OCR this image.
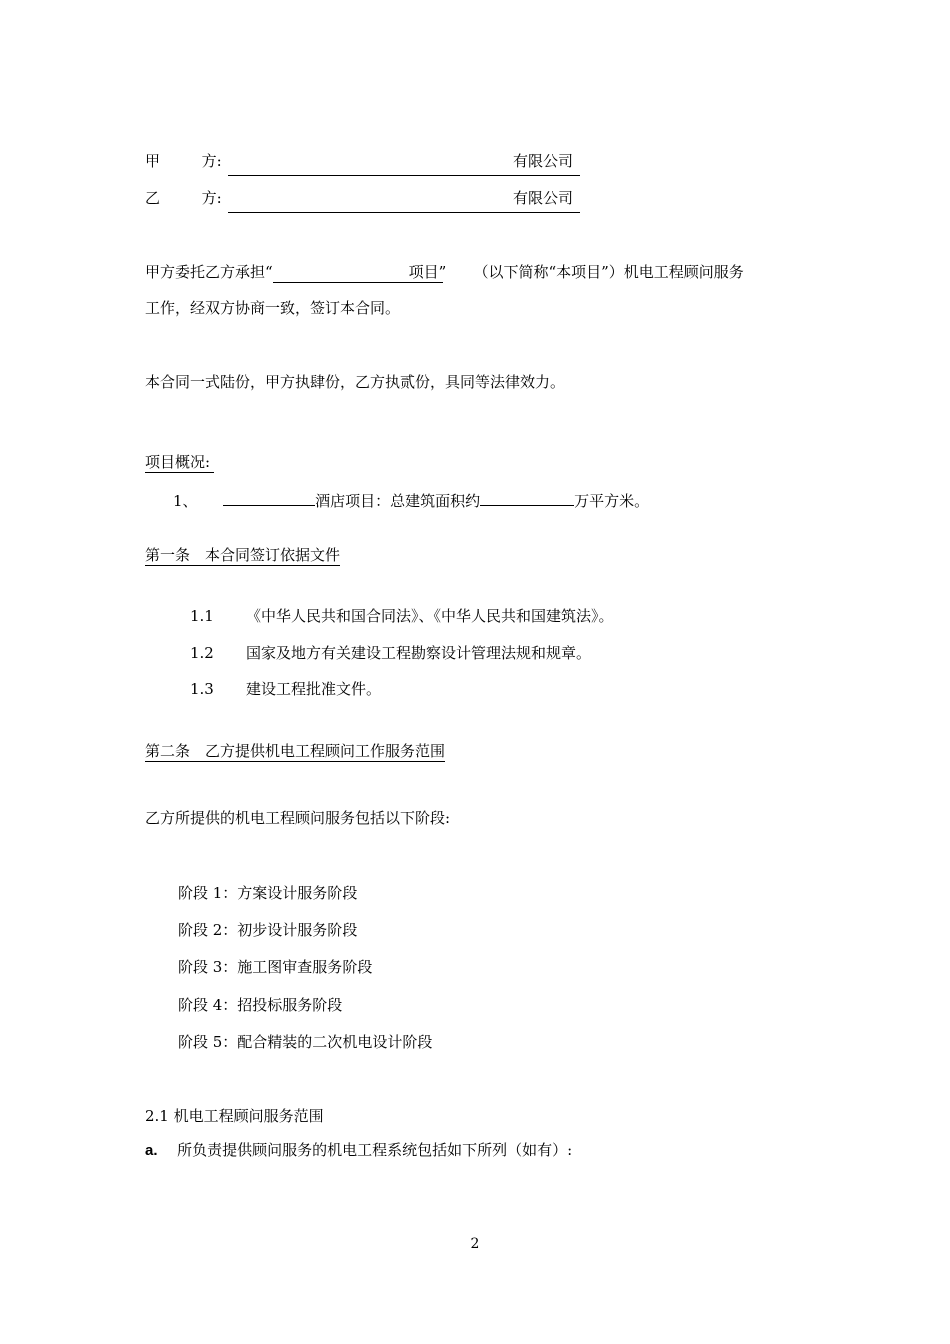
甲	方:	有限公司
乙	方:	有限公司
甲方委托乙方承担“	项目” （以下简称“本项目”）机电工程顾问服务
工作，经双方协商一致，签订本合同。
本合同一式陆份，甲方执肆份，乙方执贰份，具同等法律效力。
项目概况:
1、	酒店项目：总建筑面积约	万平方米。
第一条　本合同签订依据文件
1.1 《中华人民共和国合同法》、《中华人民共和国建筑法》。
1.2 国家及地方有关建设工程勘察设计管理法规和规章。
1.3 建设工程批准文件。
第二条　乙方提供机电工程顾问工作服务范围
乙方所提供的机电工程顾问服务包括以下阶段:
阶段 1：方案设计服务阶段
阶段 2：初步设计服务阶段
阶段 3：施工图审查服务阶段
阶段 4：招投标服务阶段
阶段 5：配合精装的二次机电设计阶段
2.1 机电工程顾问服务范围
a. 所负责提供顾问服务的机电工程系统包括如下所列（如有）:
2
